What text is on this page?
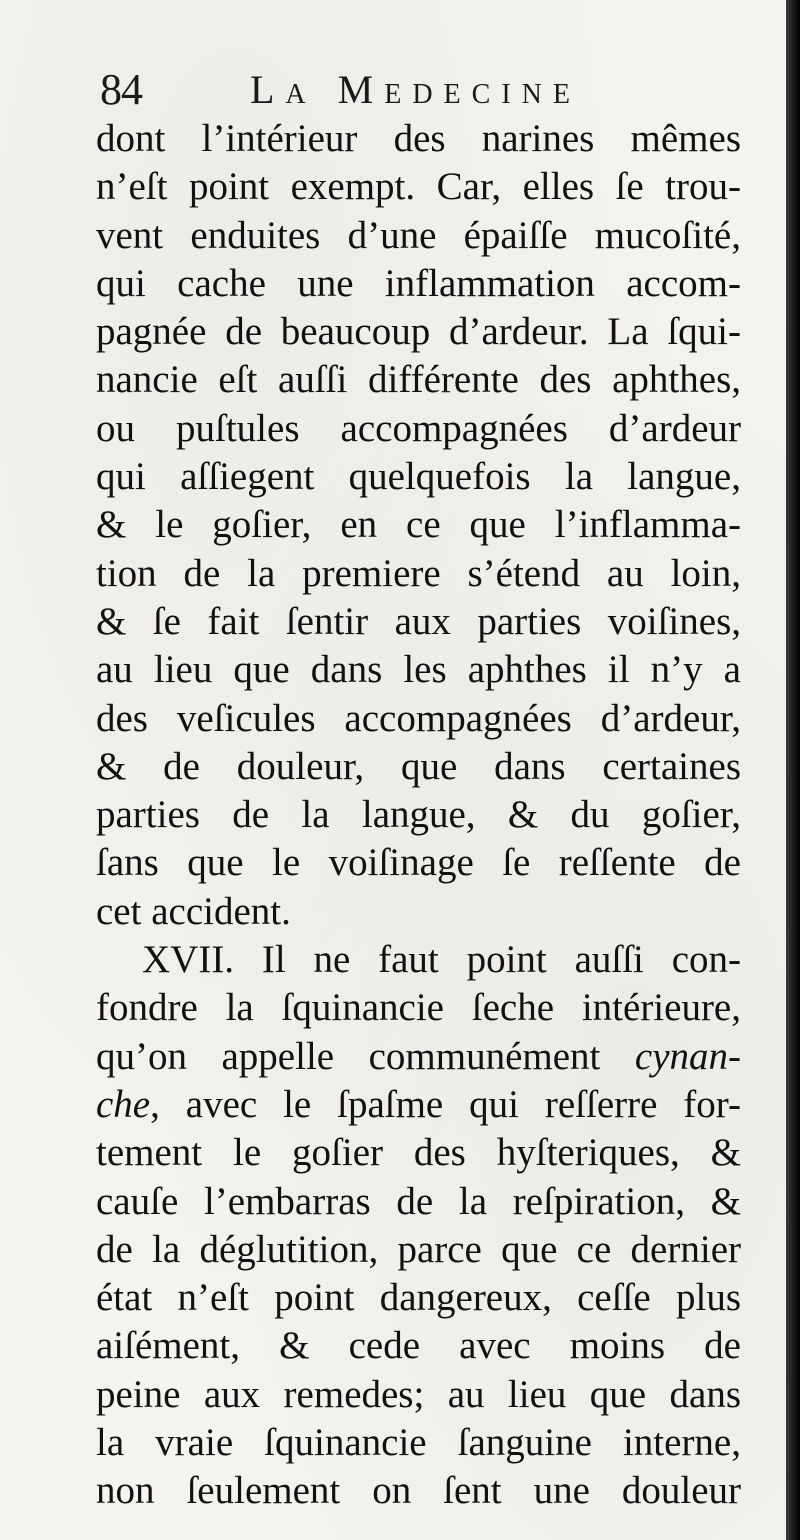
84	La Medecine
dont l’intérieur des narines mêmes
n’eſt point exempt. Car, elles ſe trou-
vent enduites d’une épaiſſe mucoſité,
qui cache une inflammation accom-
pagnée de beaucoup d’ardeur. La ſqui-
nancie eſt auſſi différente des aphthes,
ou puſtules accompagnées d’ardeur
qui aſſiegent quelquefois la langue,
& le goſier, en ce que l’inflamma-
tion de la premiere s’étend au loin,
& ſe fait ſentir aux parties voiſines,
au lieu que dans les aphthes il n’y a
des veſicules accompagnées d’ardeur,
& de douleur, que dans certaines
parties de la langue, & du goſier,
ſans que le voiſinage ſe reſſente de
cet accident.
XVII. Il ne faut point auſſi con-
fondre la ſquinancie ſeche intérieure,
qu’on appelle communément cynan-
che, avec le ſpaſme qui reſſerre for-
tement le goſier des hyſteriques, &
cauſe l’embarras de la reſpiration, &
de la déglutition, parce que ce dernier
état n’eſt point dangereux, ceſſe plus
aiſément, & cede avec moins de
peine aux remedes; au lieu que dans
la vraie ſquinancie ſanguine interne,
non ſeulement on ſent une douleur
